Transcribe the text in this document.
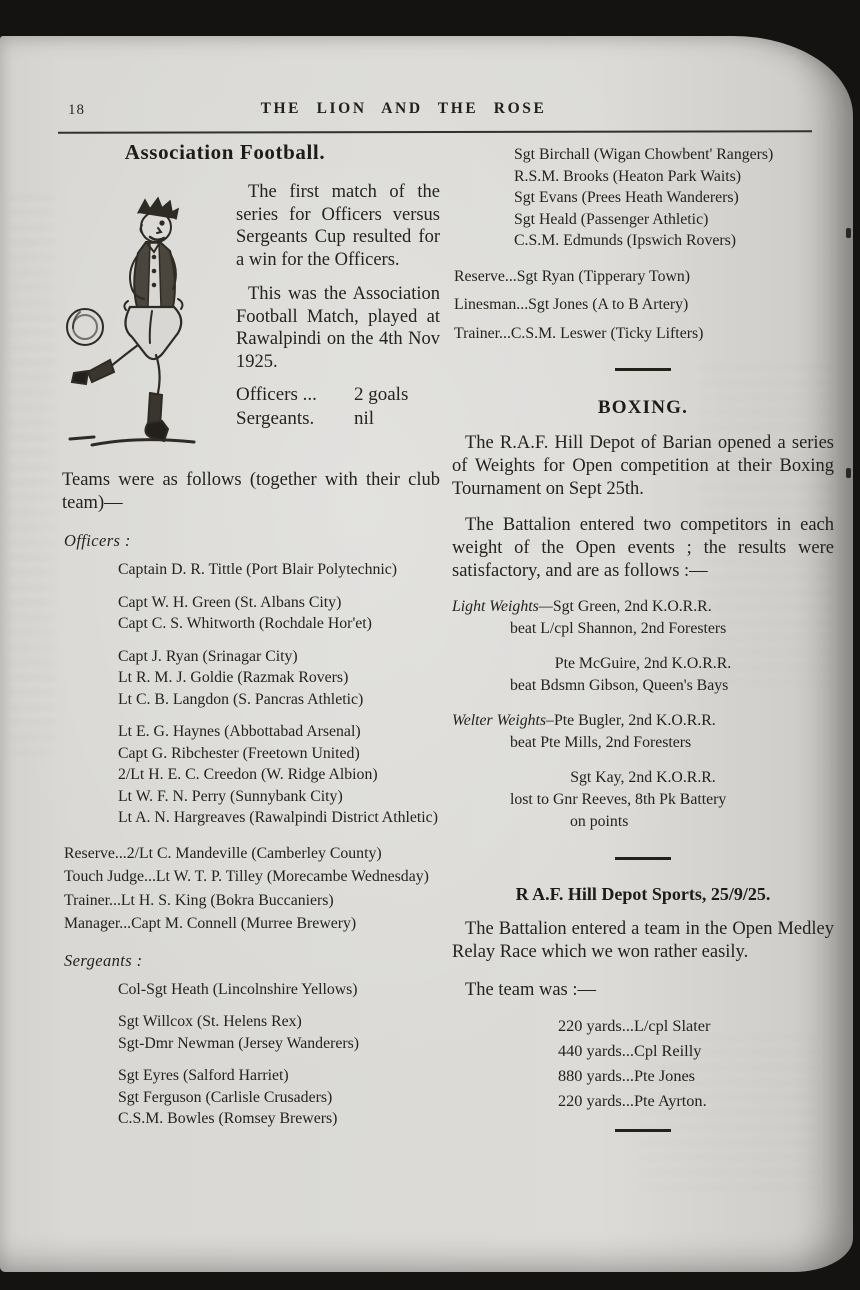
18	THE LION AND THE ROSE
Association Football.

The first match of the series for Officers versus Sergeants Cup resulted for a win for the Officers.

This was the Association Football Match, played at Rawalpindi on the 4th Nov 1925.

Officers ...	2 goals
Sergeants.	nil

Teams were as follows (together with their club team)—

Officers :
Captain D. R. Tittle (Port Blair Polytechnic)
Capt W. H. Green (St. Albans City)
Capt C. S. Whitworth (Rochdale Hor'et)
Capt J. Ryan (Srinagar City)
Lt R. M. J. Goldie (Razmak Rovers)
Lt C. B. Langdon (S. Pancras Athletic)
Lt E. G. Haynes (Abbottabad Arsenal)
Capt G. Ribchester (Freetown United)
2/Lt H. E. C. Creedon (W. Ridge Albion)
Lt W. F. N. Perry (Sunnybank City)
Lt A. N. Hargreaves (Rawalpindi District Athletic)
Reserve...2/Lt C. Mandeville (Camberley County)
Touch Judge...Lt W. T. P. Tilley (Morecambe Wednesday)
Trainer...Lt H. S. King (Bokra Buccaniers)
Manager...Capt M. Connell (Murree Brewery)
Sergeants :
Col-Sgt Heath (Lincolnshire Yellows)
Sgt Willcox (St. Helens Rex)
Sgt-Dmr Newman (Jersey Wanderers)
Sgt Eyres (Salford Harriet)
Sgt Ferguson (Carlisle Crusaders)
C.S.M. Bowles (Romsey Brewers)
Sgt Birchall (Wigan Chowbent' Rangers)
R.S.M. Brooks (Heaton Park Waits)
Sgt Evans (Prees Heath Wanderers)
Sgt Heald (Passenger Athletic)
C.S.M. Edmunds (Ipswich Rovers)
Reserve...Sgt Ryan (Tipperary Town)
Linesman...Sgt Jones (A to B Artery)
Trainer...C.S.M. Leswer (Ticky Lifters)
BOXING.

The R.A.F. Hill Depot of Barian opened a series of Weights for Open competition at their Boxing Tournament on Sept 25th.

The Battalion entered two competitors in each weight of the Open events ; the results were satisfactory, and are as follows :—

Light Weights—Sgt Green, 2nd K.O.R.R.
beat L/cpl Shannon, 2nd Foresters
Pte McGuire, 2nd K.O.R.R.
beat Bdsmn Gibson, Queen's Bays
Welter Weights–Pte Bugler, 2nd K.O.R.R.
beat Pte Mills, 2nd Foresters
Sgt Kay, 2nd K.O.R.R.
lost to Gnr Reeves, 8th Pk Battery
on points
R A.F. Hill Depot Sports, 25/9/25.

The Battalion entered a team in the Open Medley Relay Race which we won rather easily.

The team was :—

220 yards...L/cpl Slater
440 yards...Cpl Reilly
880 yards...Pte Jones
220 yards...Pte Ayrton.
